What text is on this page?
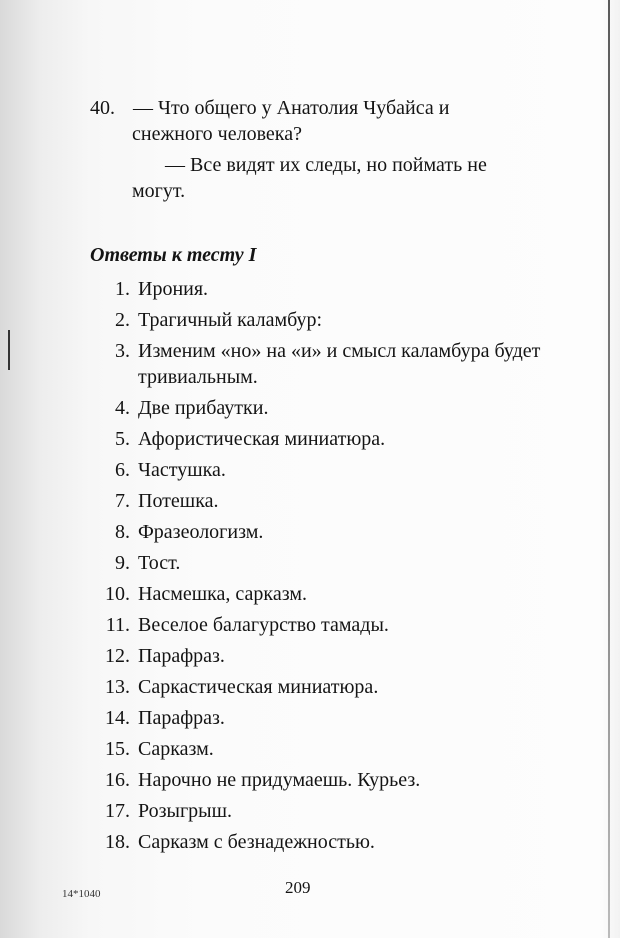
40. — Что общего у Анатолия Чубайса и
снежного человека?
— Все видят их следы, но поймать не
могут.
Ответы к тесту I
1. Ирония.
2. Трагичный каламбур:
3. Изменим «но» на «и» и смысл каламбура будет тривиальным.
4. Две прибаутки.
5. Афористическая миниатюра.
6. Частушка.
7. Потешка.
8. Фразеологизм.
9. Тост.
10. Насмешка, сарказм.
11. Веселое балагурство тамады.
12. Парафраз.
13. Саркастическая миниатюра.
14. Парафраз.
15. Сарказм.
16. Нарочно не придумаешь. Курьез.
17. Розыгрыш.
18. Сарказм с безнадежностью.
14*1040	209
